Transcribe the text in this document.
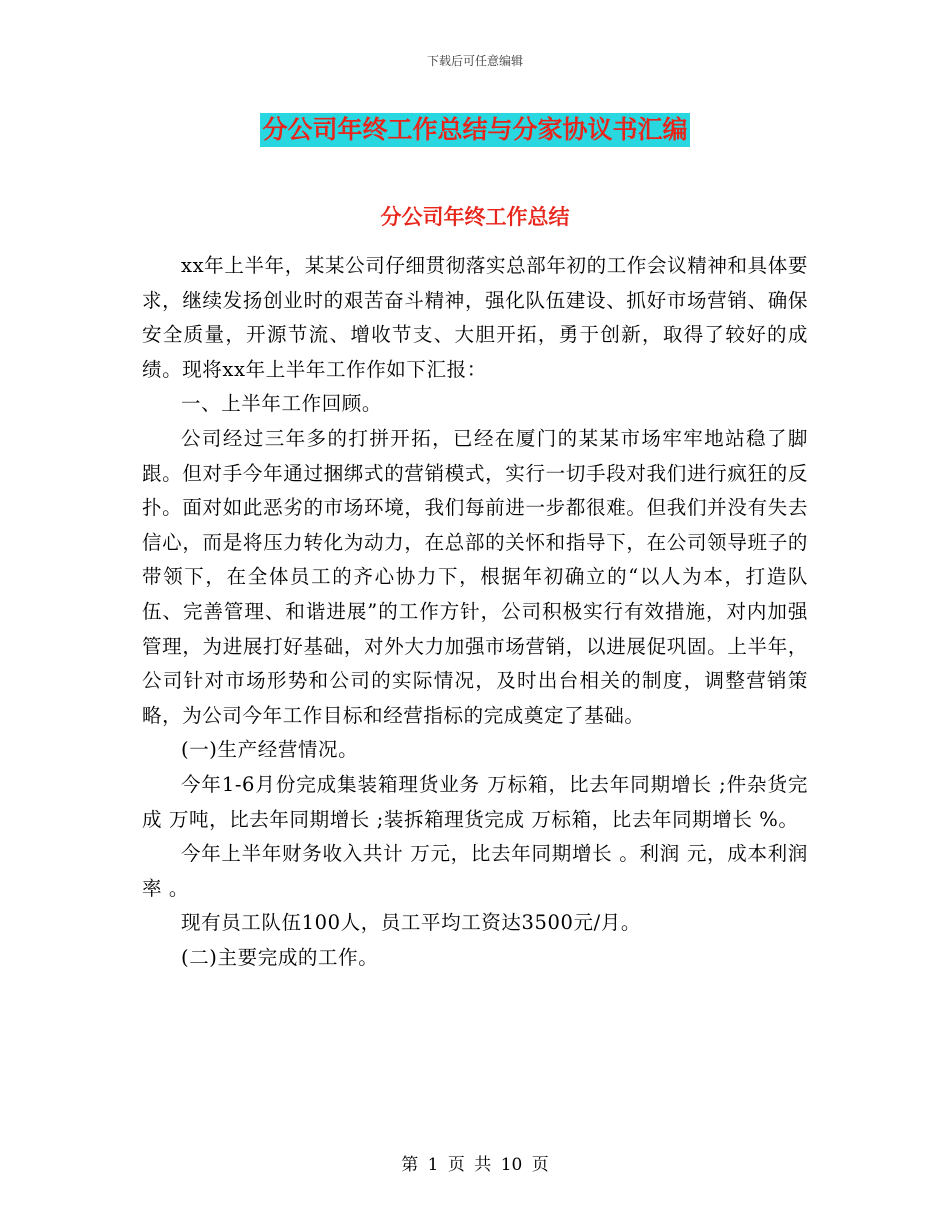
下载后可任意编辑
分公司年终工作总结与分家协议书汇编
分公司年终工作总结

xx年上半年，某某公司仔细贯彻落实总部年初的工作会议精神和具体要求，继续发扬创业时的艰苦奋斗精神，强化队伍建设、抓好市场营销、确保安全质量，开源节流、增收节支、大胆开拓，勇于创新，取得了较好的成绩。现将xx年上半年工作作如下汇报：

一、上半年工作回顾。

公司经过三年多的打拼开拓，已经在厦门的某某市场牢牢地站稳了脚跟。但对手今年通过捆绑式的营销模式，实行一切手段对我们进行疯狂的反扑。面对如此恶劣的市场环境，我们每前进一步都很难。但我们并没有失去信心，而是将压力转化为动力，在总部的关怀和指导下，在公司领导班子的带领下，在全体员工的齐心协力下，根据年初确立的“以人为本，打造队伍、完善管理、和谐进展”的工作方针，公司积极实行有效措施，对内加强管理，为进展打好基础，对外大力加强市场营销，以进展促巩固。上半年，公司针对市场形势和公司的实际情况，及时出台相关的制度，调整营销策略，为公司今年工作目标和经营指标的完成奠定了基础。

(一)生产经营情况。

今年1-6月份完成集装箱理货业务 万标箱，比去年同期增长 ;件杂货完成 万吨，比去年同期增长 ;装拆箱理货完成 万标箱，比去年同期增长 %。

今年上半年财务收入共计 万元，比去年同期增长 。利润 元，成本利润率 。

现有员工队伍100人，员工平均工资达3500元/月。

(二)主要完成的工作。

第 1 页 共 10 页
